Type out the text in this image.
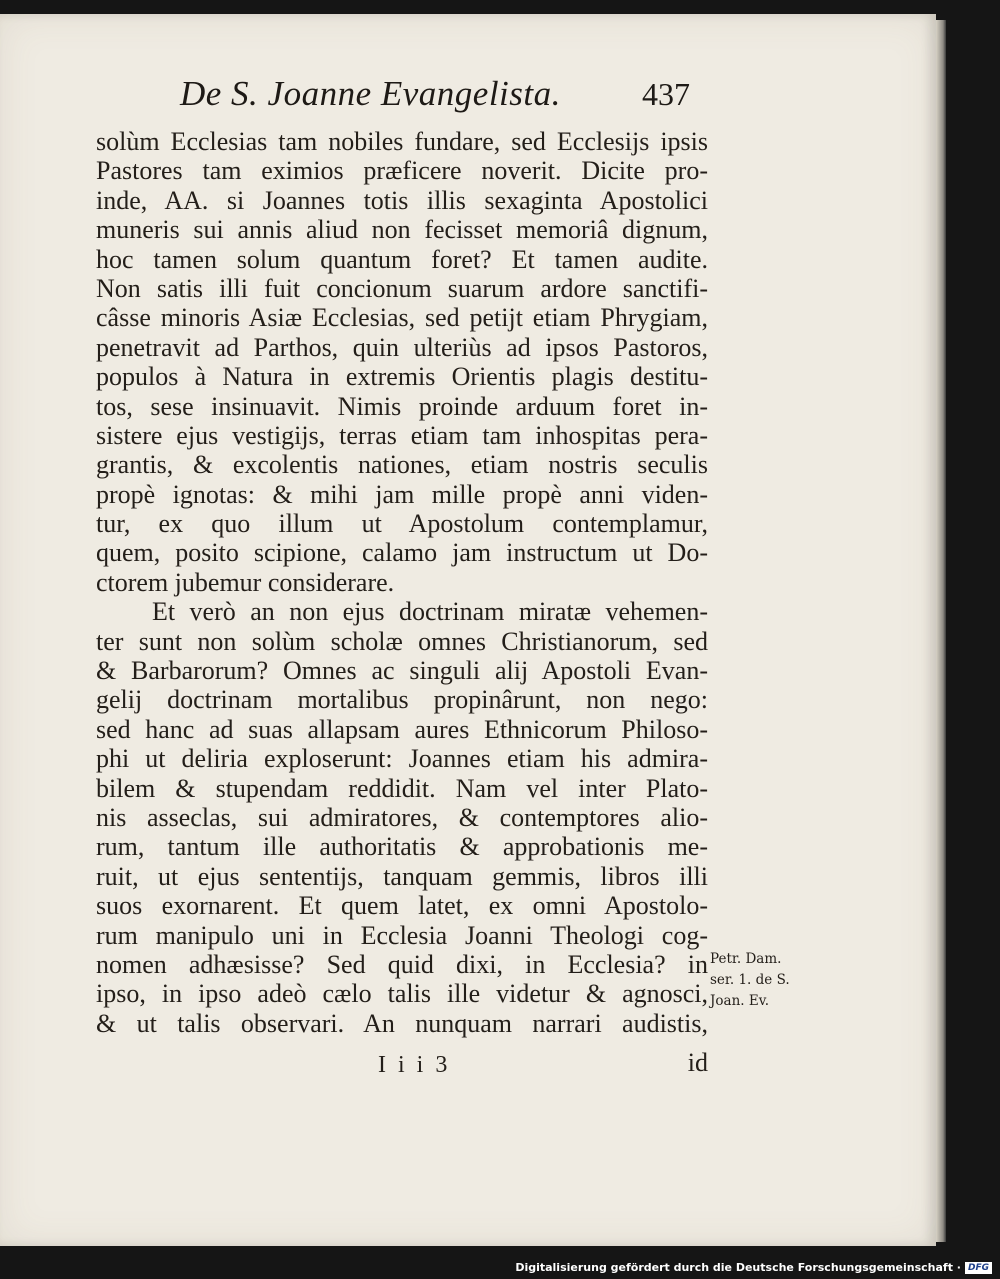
De S. Joanne Evangelista.	437
solùm Ecclesias tam nobiles fundare, sed Ecclesijs ipsis
Pastores tam eximios præficere noverit. Dicite pro-
inde, AA. si Joannes totis illis sexaginta Apostolici
muneris sui annis aliud non fecisset memoriâ dignum,
hoc tamen solum quantum foret? Et tamen audite.
Non satis illi fuit concionum suarum ardore sanctifi-
câsse minoris Asiæ Ecclesias, sed petijt etiam Phrygiam,
penetravit ad Parthos, quin ulteriùs ad ipsos Pastoros,
populos à Natura in extremis Orientis plagis destitu-
tos, sese insinuavit. Nimis proinde arduum foret in-
sistere ejus vestigijs, terras etiam tam inhospitas pera-
grantis, & excolentis nationes, etiam nostris seculis
propè ignotas: & mihi jam mille propè anni viden-
tur, ex quo illum ut Apostolum contemplamur,
quem, posito scipione, calamo jam instructum ut Do-
ctorem jubemur considerare.
Et verò an non ejus doctrinam miratæ vehemen-
ter sunt non solùm scholæ omnes Christianorum, sed
& Barbarorum? Omnes ac singuli alij Apostoli Evan-
gelij doctrinam mortalibus propinârunt, non nego:
sed hanc ad suas allapsam aures Ethnicorum Philoso-
phi ut deliria exploserunt: Joannes etiam his admira-
bilem & stupendam reddidit. Nam vel inter Plato-
nis asseclas, sui admiratores, & contemptores alio-
rum, tantum ille authoritatis & approbationis me-
ruit, ut ejus sententijs, tanquam gemmis, libros illi
suos exornarent. Et quem latet, ex omni Apostolo-
rum manipulo uni in Ecclesia Joanni Theologi cog-
nomen adhæsisse? Sed quid dixi, in Ecclesia? in
ipso, in ipso adeò cælo talis ille videtur & agnosci,
& ut talis observari. An nunquam narrari audistis,
I i i 3	id
Petr. Dam.
ser. 1. de S.
Joan. Ev.
Digitalisierung gefördert durch die Deutsche Forschungsgemeinschaft · DFG
